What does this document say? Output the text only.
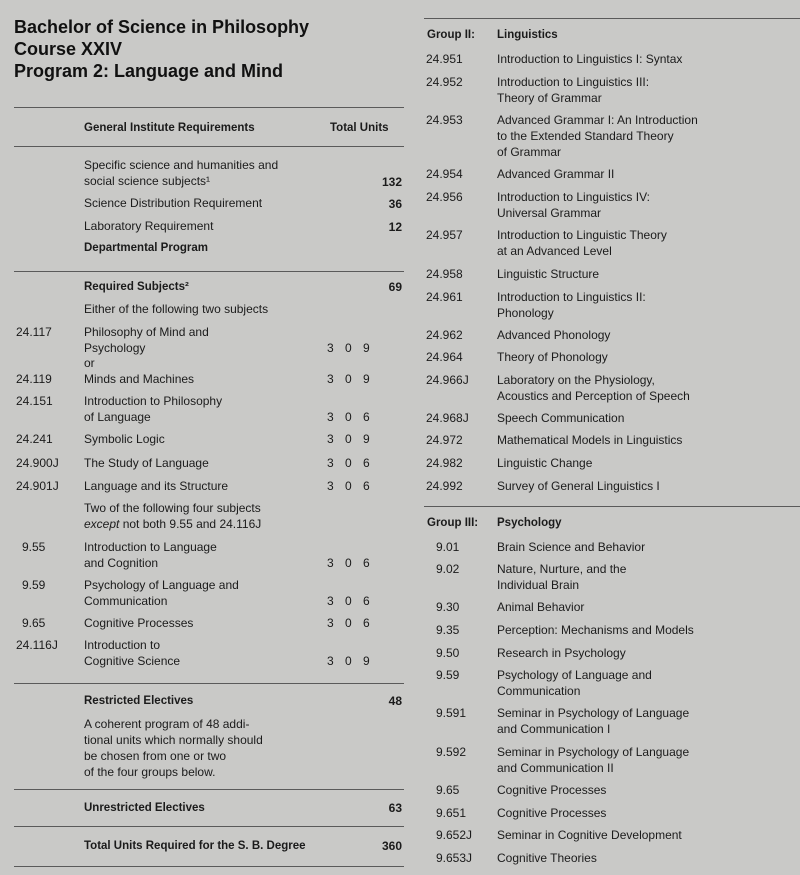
Bachelor of Science in Philosophy
Course XXIV
Program 2: Language and Mind
General Institute Requirements	Total Units
Specific science and humanities and
social science subjects¹	132
Science Distribution Requirement	36
Laboratory Requirement	12
Departmental Program
Required Subjects²	69
Either of the following two subjects
24.117	Philosophy of Mind and
Psychology	3 0 9
or
24.119	Minds and Machines	3 0 9
24.151	Introduction to Philosophy
of Language	3 0 6
24.241	Symbolic Logic	3 0 9
24.900J The Study of Language	3 0 6
24.901J Language and its Structure	3 0 6
Two of the following four subjects
except not both 9.55 and 24.116J
9.55	Introduction to Language
and Cognition	3 0 6
9.59	Psychology of Language and
Communication	3 0 6
9.65	Cognitive Processes	3 0 6
24.116J Introduction to
Cognitive Science	3 0 9
Restricted Electives	48
A coherent program of 48 addi-
tional units which normally should
be chosen from one or two
of the four groups below.
Unrestricted Electives	63
Total Units Required for the S. B. Degree	360
Group II: Linguistics
24.951	Introduction to Linguistics I: Syntax
24.952	Introduction to Linguistics III:
Theory of Grammar
24.953	Advanced Grammar I: An Introduction
to the Extended Standard Theory
of Grammar
24.954	Advanced Grammar II
24.956	Introduction to Linguistics IV:
Universal Grammar
24.957	Introduction to Linguistic Theory
at an Advanced Level
24.958	Linguistic Structure
24.961	Introduction to Linguistics II:
Phonology
24.962	Advanced Phonology
24.964	Theory of Phonology
24.966J Laboratory on the Physiology,
Acoustics and Perception of Speech
24.968J Speech Communication
24.972	Mathematical Models in Linguistics
24.982	Linguistic Change
24.992	Survey of General Linguistics I
Group III: Psychology
9.01	Brain Science and Behavior
9.02	Nature, Nurture, and the
Individual Brain
9.30	Animal Behavior
9.35	Perception: Mechanisms and Models
9.50	Research in Psychology
9.59	Psychology of Language and
Communication
9.591	Seminar in Psychology of Language
and Communication I
9.592	Seminar in Psychology of Language
and Communication II
9.65	Cognitive Processes
9.651	Cognitive Processes
9.652J Seminar in Cognitive Development
9.653J Cognitive Theories
